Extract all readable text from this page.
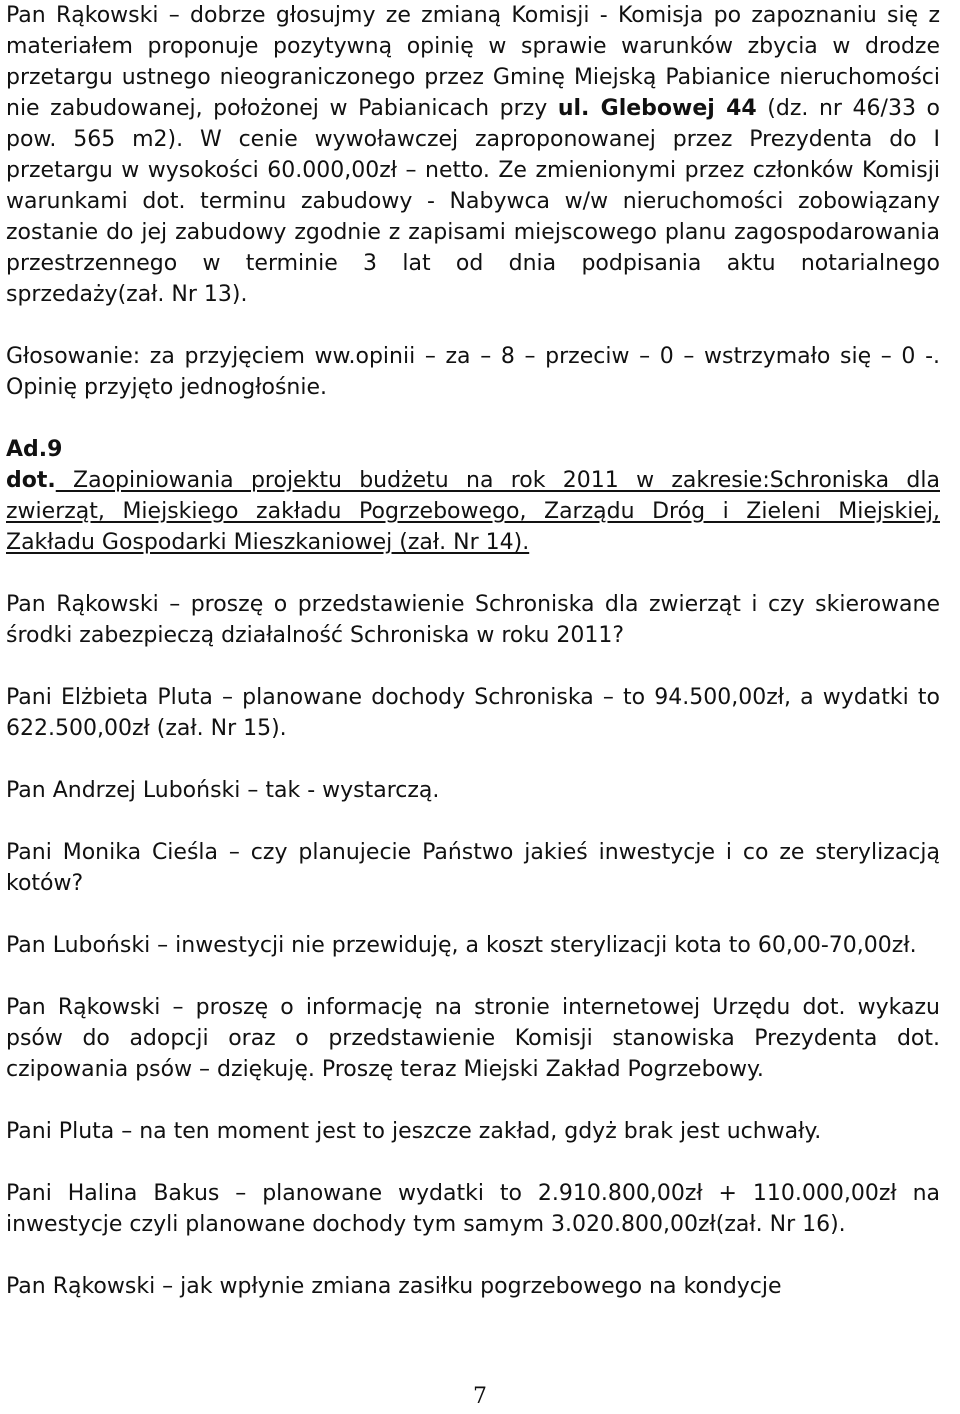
Pan Rąkowski – dobrze głosujmy ze zmianą Komisji - Komisja po zapoznaniu się z materiałem proponuje pozytywną opinię w sprawie warunków zbycia w drodze przetargu ustnego nieograniczonego przez Gminę Miejską Pabianice nieruchomości nie zabudowanej, położonej w Pabianicach przy ul. Glebowej 44 (dz. nr 46/33 o pow. 565 m2). W cenie wywoławczej zaproponowanej przez Prezydenta do I przetargu w wysokości 60.000,00zł – netto. Ze zmienionymi przez członków Komisji warunkami dot. terminu zabudowy - Nabywca w/w nieruchomości zobowiązany zostanie do jej zabudowy zgodnie z zapisami miejscowego planu zagospodarowania przestrzennego w terminie 3 lat od dnia podpisania aktu notarialnego sprzedaży(zał. Nr 13).

Głosowanie: za przyjęciem ww.opinii – za – 8 – przeciw – 0 – wstrzymało się – 0 -. Opinię przyjęto jednogłośnie.

Ad.9

dot. Zaopiniowania projektu budżetu na rok 2011 w zakresie:Schroniska dla zwierząt, Miejskiego zakładu Pogrzebowego, Zarządu Dróg i Zieleni Miejskiej, Zakładu Gospodarki Mieszkaniowej (zał. Nr 14).

Pan Rąkowski – proszę o przedstawienie Schroniska dla zwierząt i czy skierowane środki zabezpieczą działalność Schroniska w roku 2011?

Pani Elżbieta Pluta – planowane dochody Schroniska – to 94.500,00zł, a wydatki to 622.500,00zł (zał. Nr 15).

Pan Andrzej Luboński – tak - wystarczą.

Pani Monika Cieśla – czy planujecie Państwo jakieś inwestycje i co ze sterylizacją kotów?

Pan Luboński – inwestycji nie przewiduję, a koszt sterylizacji kota to 60,00-70,00zł.

Pan Rąkowski – proszę o informację na stronie internetowej Urzędu dot. wykazu psów do adopcji oraz o przedstawienie Komisji stanowiska Prezydenta dot. czipowania psów – dziękuję. Proszę teraz Miejski Zakład Pogrzebowy.

Pani Pluta – na ten moment jest to jeszcze zakład, gdyż brak jest uchwały.

Pani Halina Bakus – planowane wydatki to 2.910.800,00zł + 110.000,00zł na inwestycje czyli planowane dochody tym samym 3.020.800,00zł(zał. Nr 16).

Pan Rąkowski – jak wpłynie zmiana zasiłku pogrzebowego na kondycje

7
